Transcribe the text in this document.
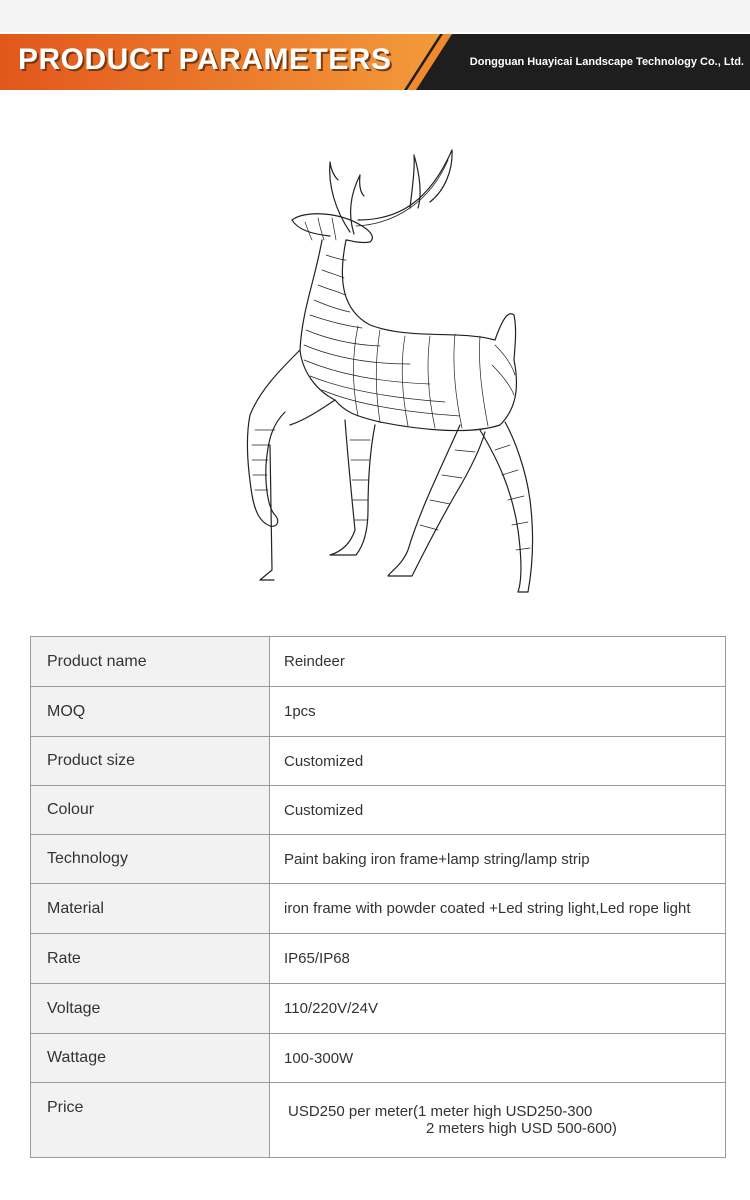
PRODUCT PARAMETERS	Dongguan Huayicai Landscape Technology Co., Ltd.
Product name	Reindeer
MOQ	1pcs
Product size	Customized
Colour	Customized
Technology	Paint baking iron frame+lamp string/lamp strip
Material	iron frame with powder coated +Led string light,Led rope light
Rate	IP65/IP68
Voltage	110/220V/24V
Wattage	100-300W
Price	USD250 per meter(1 meter high USD250-300
2 meters high USD 500-600)
